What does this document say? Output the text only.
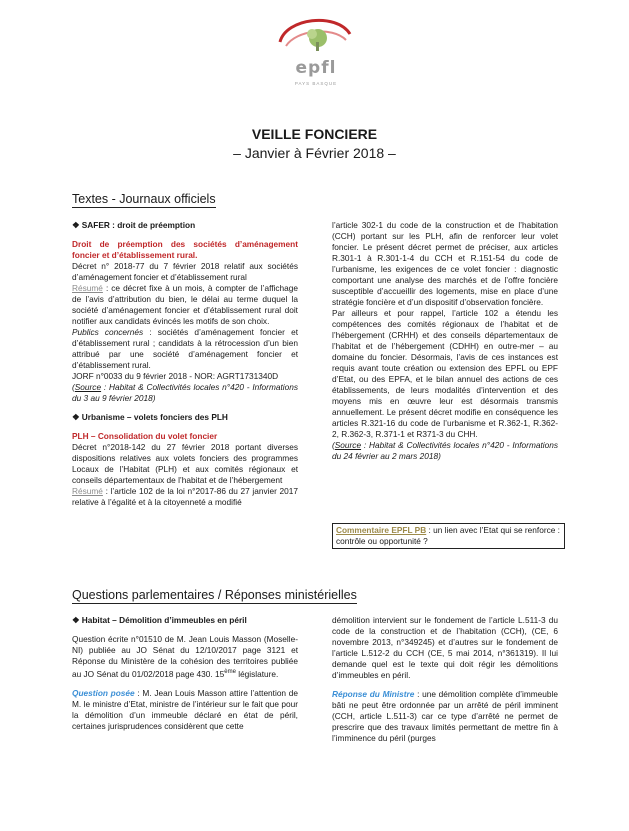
epfl
PAYS BASQUE
VEILLE FONCIERE
– Janvier à Février 2018 –
Textes - Journaux officiels

❖ SAFER : droit de préemption

Droit de préemption des sociétés d’aménagement foncier et d’établissement rural.

Décret n° 2018-77 du 7 février 2018 relatif aux sociétés d’aménagement foncier et d’établissement rural

Résumé : ce décret fixe à un mois, à compter de l’affichage de l’avis d’attribution du bien, le délai au terme duquel la société d’aménagement foncier et d’établissement rural doit notifier aux candidats évincés les motifs de son choix.

Publics concernés : sociétés d’aménagement foncier et d’établissement rural ; candidats à la rétrocession d’un bien attribué par une société d’aménagement foncier et d’établissement rural.

JORF n°0033 du 9 février 2018 - NOR: AGRT1731340D

(Source : Habitat & Collectivités locales n°420 - Informations du 3 au 9 février 2018)

❖ Urbanisme – volets fonciers des PLH

PLH – Consolidation du volet foncier

Décret n°2018-142 du 27 février 2018 portant diverses dispositions relatives aux volets fonciers des programmes Locaux de l’Habitat (PLH) et aux comités régionaux et conseils départementaux de l’habitat et de l’hébergement

Résumé : l’article 102 de la loi n°2017-86 du 27 janvier 2017 relative à l’égalité et à la citoyenneté a modifié

l’article 302-1 du code de la construction et de l’habitation (CCH) portant sur les PLH, afin de renforcer leur volet foncier. Le présent décret permet de préciser, aux articles R.301-1 à R.301-1-4 du CCH et R.151-54 du code de l’urbanisme, les exigences de ce volet foncier : diagnostic comportant une analyse des marchés et de l’offre foncière susceptible d’accueillir des logements, mise en place d’une stratégie foncière et d’un dispositif d’observation foncière.

Par ailleurs et pour rappel, l’article 102 a étendu les compétences des comités régionaux de l’habitat et de l’hébergement (CRHH) et des conseils départementaux de l’habitat et de l’hébergement (CDHH) en outre-mer – au domaine du foncier. Désormais, l’avis de ces instances est requis avant toute création ou extension des EPFL ou EPF d’Etat, ou des EPFA, et le bilan annuel des actions de ces établissements, de leurs modalités d’intervention et des moyens mis en œuvre leur est désormais transmis annuellement. Le présent décret modifie en conséquence les articles R.321-16 du code de l’urbanisme et R.362-1, R.362-2, R.362-3, R.371-1 et R371-3 du CHH.

(Source : Habitat & Collectivités locales n°420 - Informations du 24 février au 2 mars 2018)

Commentaire EPFL PB : un lien avec l’Etat qui se renforce : contrôle ou opportunité ?
Questions parlementaires / Réponses ministérielles

❖ Habitat – Démolition d’immeubles en péril

Question écrite n°01510 de M. Jean Louis Masson (Moselle-NI) publiée au JO Sénat du 12/10/2017 page 3121 et Réponse du Ministère de la cohésion des territoires publiée au JO Sénat du 01/02/2018 page 430. 15ème législature.

Question posée : M. Jean Louis Masson attire l’attention de M. le ministre d’Etat, ministre de l’intérieur sur le fait que pour la démolition d’un immeuble déclaré en état de péril, certaines jurisprudences considèrent que cette

démolition intervient sur le fondement de l’article L.511-3 du code de la construction et de l’habitation (CCH), (CE, 6 novembre 2013, n°349245) et d’autres sur le fondement de l’article L.512-2 du CCH (CE, 5 mai 2014, n°361319). Il lui demande quel est le texte qui doit régir les démolitions d’immeubles en péril.

Réponse du Ministre : une démolition complète d’immeuble bâti ne peut être ordonnée par un arrêté de péril imminent (CCH, article L.511-3) car ce type d’arrêté ne permet de prescrire que des travaux limités permettant de mettre fin à l’imminence du péril (purges
